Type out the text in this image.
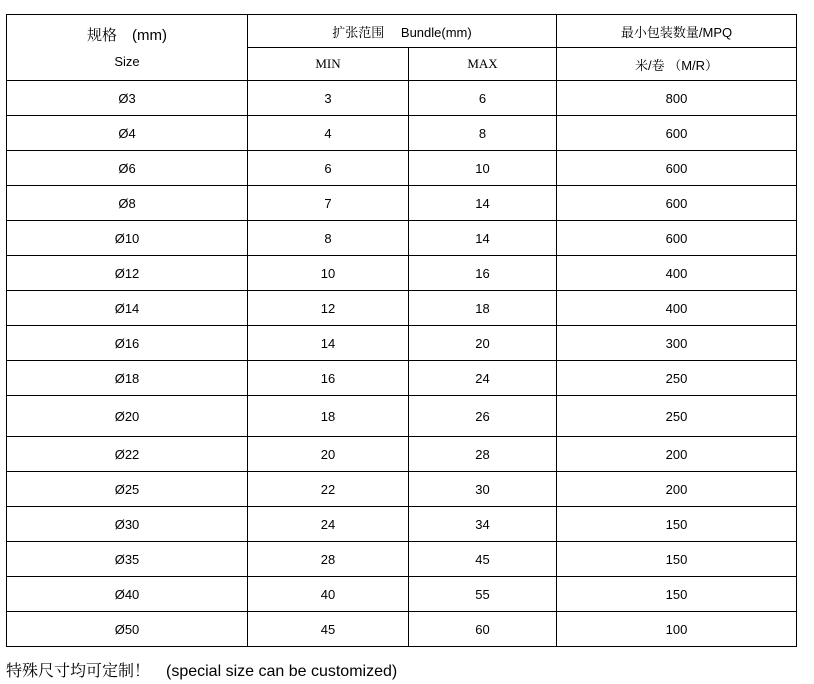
规格　(mm)
Size	扩张范围　 Bundle(mm)		最小包装数量/MPQ
	MIN	MAX	米/卷 （M/R）
Ø3	3	6	800
Ø4	4	8	600
Ø6	6	10	600
Ø8	7	14	600
Ø10	8	14	600
Ø12	10	16	400
Ø14	12	18	400
Ø16	14	20	300
Ø18	16	24	250
Ø20	18	26	250
Ø22	20	28	200
Ø25	22	30	200
Ø30	24	34	150
Ø35	28	45	150
Ø40	40	55	150
Ø50	45	60	100
特殊尺寸均可定制！　(special size can be customized)
